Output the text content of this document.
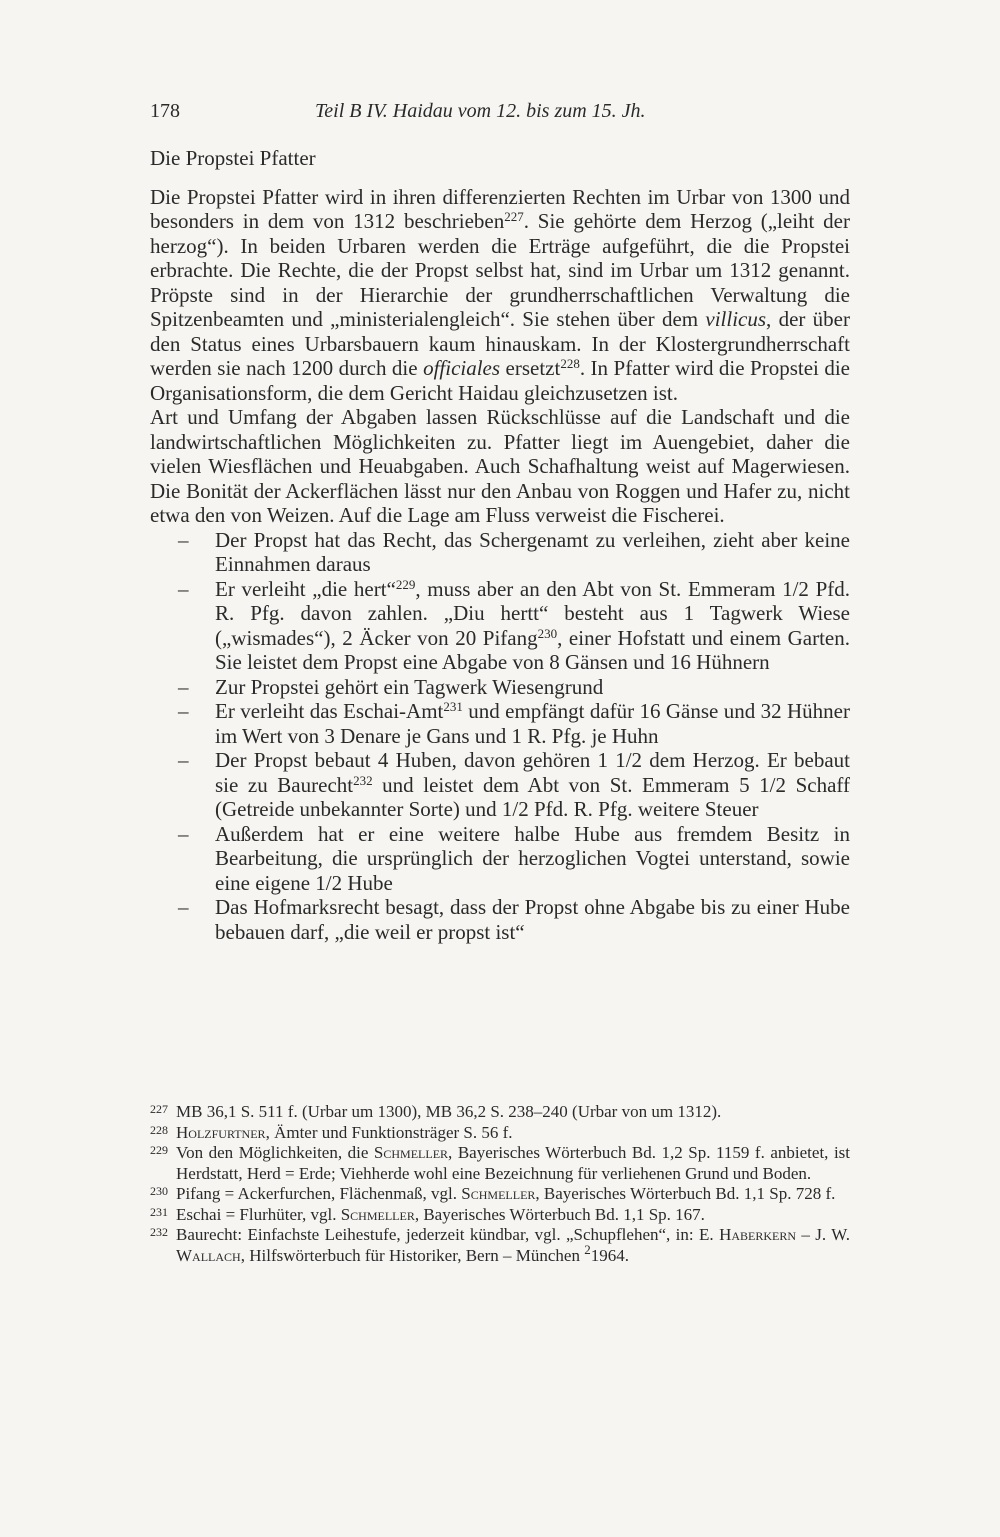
178	Teil B IV. Haidau vom 12. bis zum 15. Jh.

Die Propstei Pfatter

Die Propstei Pfatter wird in ihren differenzierten Rechten im Urbar von 1300 und besonders in dem von 1312 beschrieben$^{227}$. Sie gehörte dem Herzog („leiht der herzog“). In beiden Urbaren werden die Erträge aufgeführt, die die Propstei erbrachte. Die Rechte, die der Propst selbst hat, sind im Urbar um 1312 genannt. Pröpste sind in der Hierarchie der grundherrschaftlichen Verwaltung die Spitzenbeamten und „ministerialengleich“. Sie stehen über dem villicus, der über den Status eines Urbarsbauern kaum hinauskam. In der Klostergrundherrschaft werden sie nach 1200 durch die officiales ersetzt$^{228}$. In Pfatter wird die Propstei die Organisationsform, die dem Gericht Haidau gleichzusetzen ist.

Art und Umfang der Abgaben lassen Rückschlüsse auf die Landschaft und die landwirtschaftlichen Möglichkeiten zu. Pfatter liegt im Auengebiet, daher die vielen Wiesflächen und Heuabgaben. Auch Schafhaltung weist auf Magerwiesen. Die Bonität der Ackerflächen lässt nur den Anbau von Roggen und Hafer zu, nicht etwa den von Weizen. Auf die Lage am Fluss verweist die Fischerei.

– Der Propst hat das Recht, das Schergenamt zu verleihen, zieht aber keine Einnahmen daraus
– Er verleiht „die hert“$^{229}$, muss aber an den Abt von St. Emmeram 1/2 Pfd. R. Pfg. davon zahlen. „Diu hertt“ besteht aus 1 Tagwerk Wiese („wismades“), 2 Äcker von 20 Pifang$^{230}$, einer Hofstatt und einem Garten. Sie leistet dem Propst eine Abgabe von 8 Gänsen und 16 Hühnern
– Zur Propstei gehört ein Tagwerk Wiesengrund
– Er verleiht das Eschai-Amt$^{231}$ und empfängt dafür 16 Gänse und 32 Hühner im Wert von 3 Denare je Gans und 1 R. Pfg. je Huhn
– Der Propst bebaut 4 Huben, davon gehören 1 1/2 dem Herzog. Er bebaut sie zu Baurecht$^{232}$ und leistet dem Abt von St. Emmeram 5 1/2 Schaff (Getreide unbekannter Sorte) und 1/2 Pfd. R. Pfg. weitere Steuer
– Außerdem hat er eine weitere halbe Hube aus fremdem Besitz in Bearbeitung, die ursprünglich der herzoglichen Vogtei unterstand, sowie eine eigene 1/2 Hube
– Das Hofmarksrecht besagt, dass der Propst ohne Abgabe bis zu einer Hube bebauen darf, „die weil er propst ist“
227 MB 36,1 S. 511 f. (Urbar um 1300), MB 36,2 S. 238–240 (Urbar von um 1312).
228 Holzfurtner, Ämter und Funktionsträger S. 56 f.
229 Von den Möglichkeiten, die Schmeller, Bayerisches Wörterbuch Bd. 1,2 Sp. 1159 f. anbietet, ist Herdstatt, Herd = Erde; Viehherde wohl eine Bezeichnung für verliehenen Grund und Boden.
230 Pifang = Ackerfurchen, Flächenmaß, vgl. Schmeller, Bayerisches Wörterbuch Bd. 1,1 Sp. 728 f.
231 Eschai = Flurhüter, vgl. Schmeller, Bayerisches Wörterbuch Bd. 1,1 Sp. 167.
232 Baurecht: Einfachste Leihestufe, jederzeit kündbar, vgl. „Schupflehen“, in: E. Haberkern – J. W. Wallach, Hilfswörterbuch für Historiker, Bern – München $^2$1964.
